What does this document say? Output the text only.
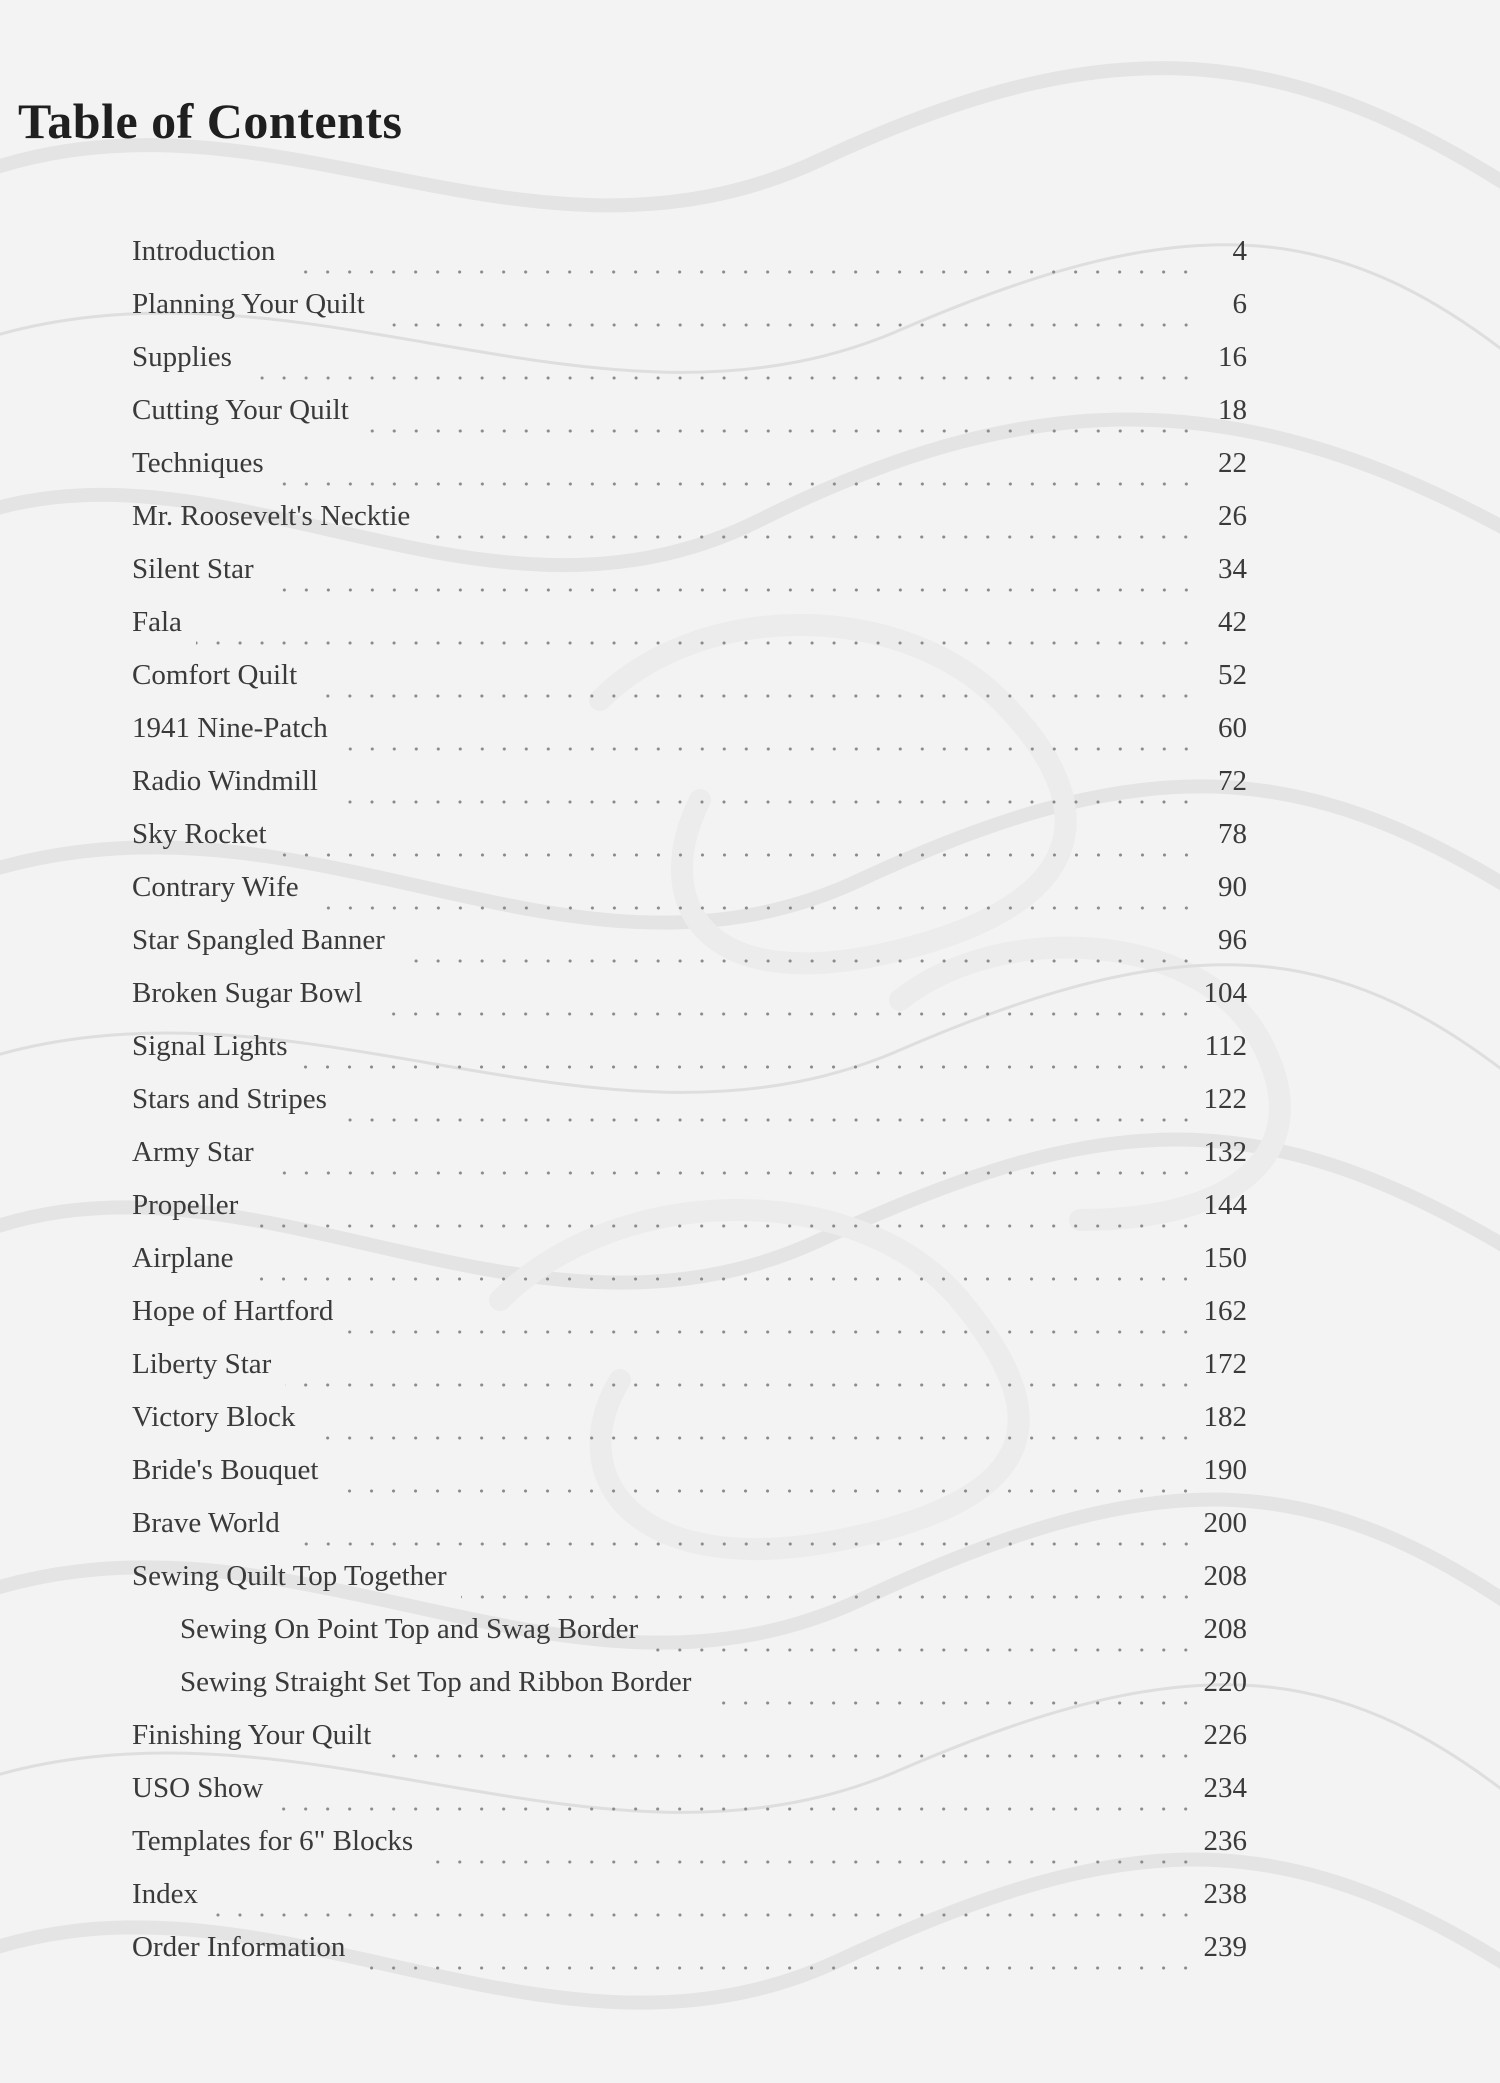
Table of Contents
Introduction	4
Planning Your Quilt	6
Supplies	16
Cutting Your Quilt	18
Techniques	22
Mr. Roosevelt's Necktie	26
Silent Star	34
Fala	42
Comfort Quilt	52
1941 Nine-Patch	60
Radio Windmill	72
Sky Rocket	78
Contrary Wife	90
Star Spangled Banner	96
Broken Sugar Bowl	104
Signal Lights	112
Stars and Stripes	122
Army Star	132
Propeller	144
Airplane	150
Hope of Hartford	162
Liberty Star	172
Victory Block	182
Bride's Bouquet	190
Brave World	200
Sewing Quilt Top Together	208
Sewing On Point Top and Swag Border	208
Sewing Straight Set Top and Ribbon Border	220
Finishing Your Quilt	226
USO Show	234
Templates for 6" Blocks	236
Index	238
Order Information	239
